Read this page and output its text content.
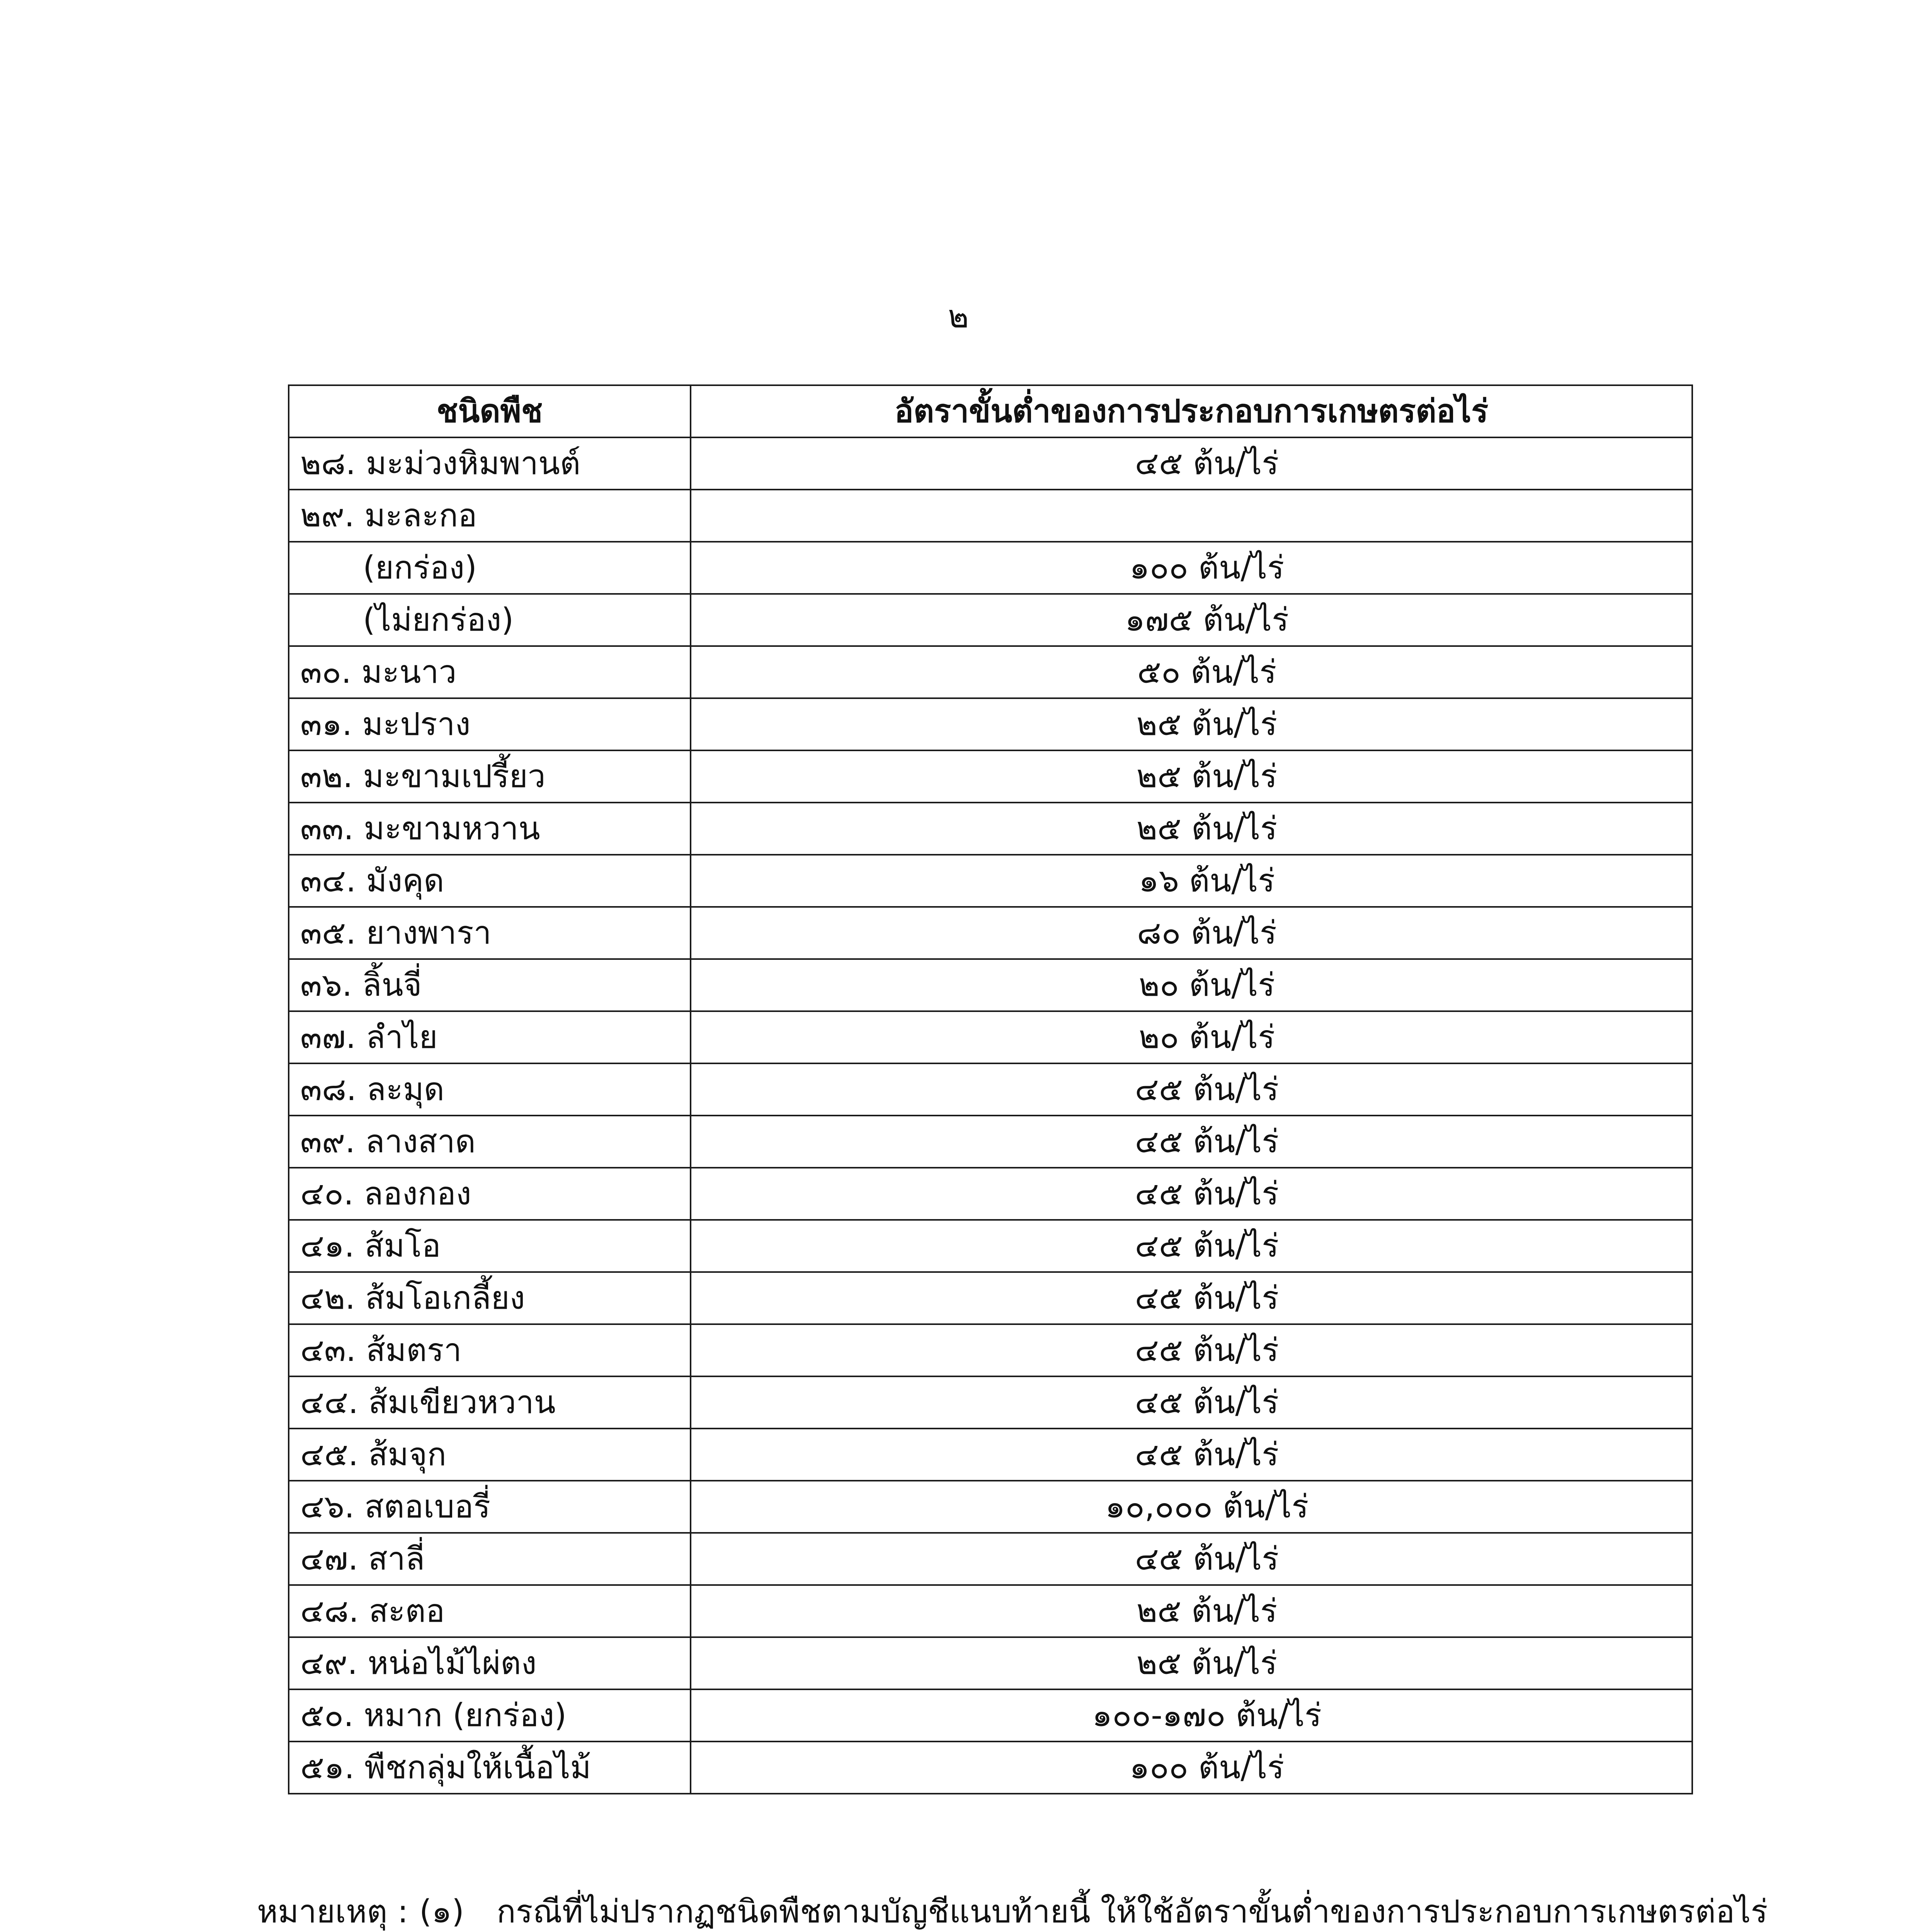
๒
ชนิดพืช	อัตราขั้นต่ำของการประกอบการเกษตรต่อไร่
๒๘. มะม่วงหิมพานต์	๔๕ ต้น/ไร่
๒๙. มะละกอ	
(ยกร่อง)	๑๐๐ ต้น/ไร่
(ไม่ยกร่อง)	๑๗๕ ต้น/ไร่
๓๐. มะนาว	๕๐ ต้น/ไร่
๓๑. มะปราง	๒๕ ต้น/ไร่
๓๒. มะขามเปรี้ยว	๒๕ ต้น/ไร่
๓๓. มะขามหวาน	๒๕ ต้น/ไร่
๓๔. มังคุด	๑๖ ต้น/ไร่
๓๕. ยางพารา	๘๐ ต้น/ไร่
๓๖. ลิ้นจี่	๒๐ ต้น/ไร่
๓๗. ลำไย	๒๐ ต้น/ไร่
๓๘. ละมุด	๔๕ ต้น/ไร่
๓๙. ลางสาด	๔๕ ต้น/ไร่
๔๐. ลองกอง	๔๕ ต้น/ไร่
๔๑. ส้มโอ	๔๕ ต้น/ไร่
๔๒. ส้มโอเกลี้ยง	๔๕ ต้น/ไร่
๔๓. ส้มตรา	๔๕ ต้น/ไร่
๔๔. ส้มเขียวหวาน	๔๕ ต้น/ไร่
๔๕. ส้มจุก	๔๕ ต้น/ไร่
๔๖. สตอเบอรี่	๑๐,๐๐๐ ต้น/ไร่
๔๗. สาลี่	๔๕ ต้น/ไร่
๔๘. สะตอ	๒๕ ต้น/ไร่
๔๙. หน่อไม้ไผ่ตง	๒๕ ต้น/ไร่
๕๐. หมาก (ยกร่อง)	๑๐๐-๑๗๐ ต้น/ไร่
๕๑. พืชกลุ่มให้เนื้อไม้	๑๐๐ ต้น/ไร่
หมายเหตุ : (๑) กรณีที่ไม่ปรากฏชนิดพืชตามบัญชีแนบท้ายนี้ ให้ใช้อัตราขั้นต่ำของการประกอบการเกษตรต่อไร่
